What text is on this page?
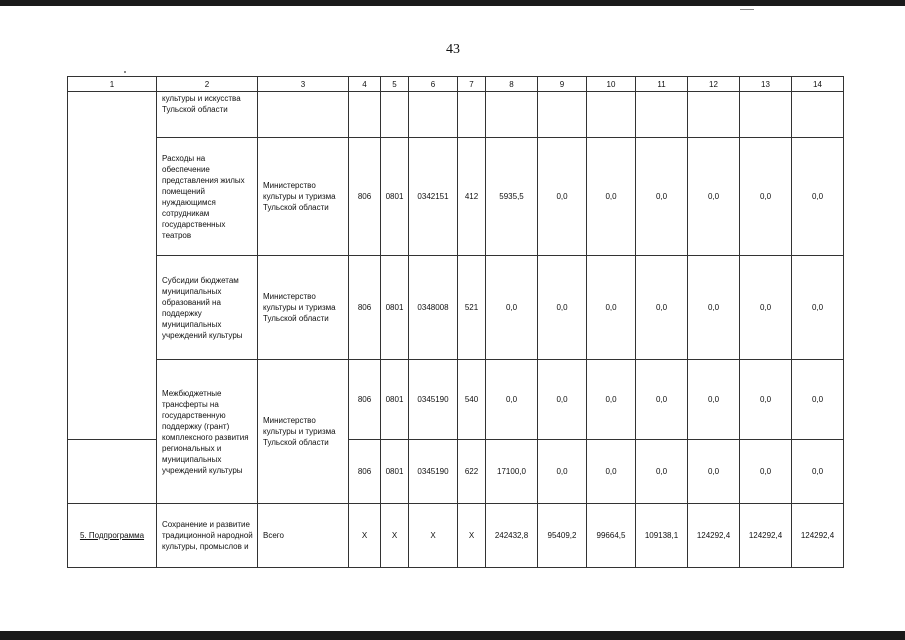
43
1	2	3	4	5	6	7	8	9	10	11	12	13	14
	культуры и искусства Тульской области												
	Расходы на обеспечение представления жилых помещений нуждающимся сотрудникам государственных театров	Министерство культуры и туризма Тульской области	806	0801	0342151	412	5935,5	0,0	0,0	0,0	0,0	0,0	0,0
	Субсидии бюджетам муниципальных образований на поддержку муниципальных учреждений культуры	Министерство культуры и туризма Тульской области	806	0801	0348008	521	0,0	0,0	0,0	0,0	0,0	0,0	0,0
	Межбюджетные трансферты на государственную поддержку (грант) комплексного развития региональных и муниципальных учреждений культуры	Министерство культуры и туризма Тульской области	806	0801	0345190	540	0,0	0,0	0,0	0,0	0,0	0,0	0,0
			806	0801	0345190	622	17100,0	0,0	0,0	0,0	0,0	0,0	0,0
5. Подпрограмма	Сохранение и развитие традиционной народной культуры, промыслов и	Всего	Х	Х	Х	Х	242432,8	95409,2	99664,5	109138,1	124292,4	124292,4	124292,4
